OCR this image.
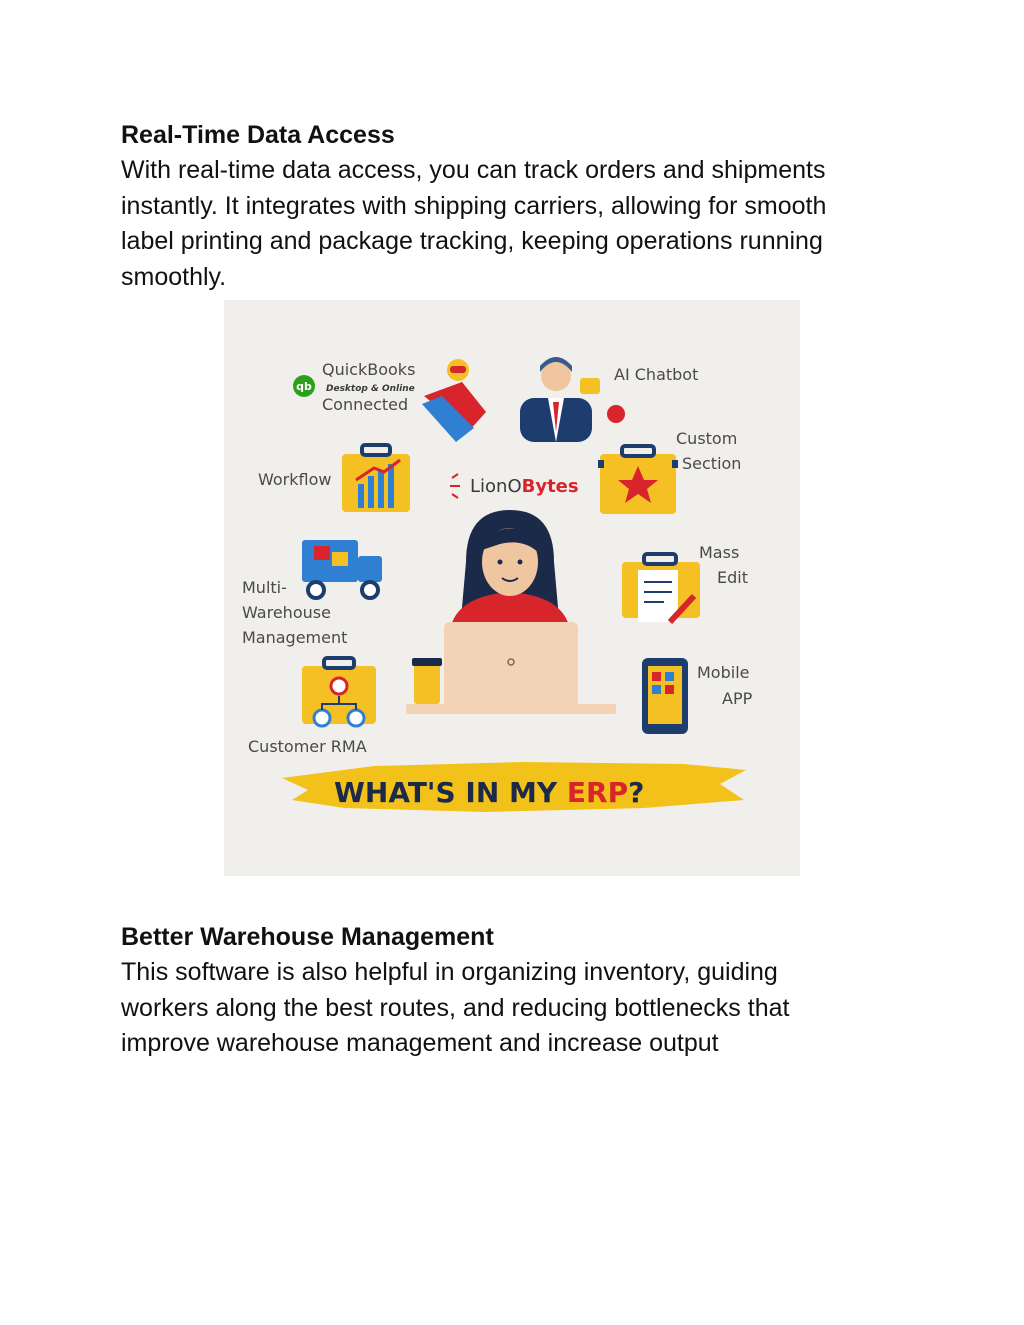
Real-Time Data Access

With real-time data access, you can track orders and shipments

instantly. It integrates with shipping carriers, allowing for smooth

label printing and package tracking, keeping operations running

smoothly.

qb
QuickBooks
Desktop & Online
Connected
AI Chatbot
Custom
Section
Workflow	LionOBytes
Multi-
Warehouse
Management
Mass
Edit
Mobile
APP
Customer RMA
WHAT'S IN MY ERP?

Better Warehouse Management

This software is also helpful in organizing inventory, guiding

workers along the best routes, and reducing bottlenecks that

improve warehouse management and increase output
